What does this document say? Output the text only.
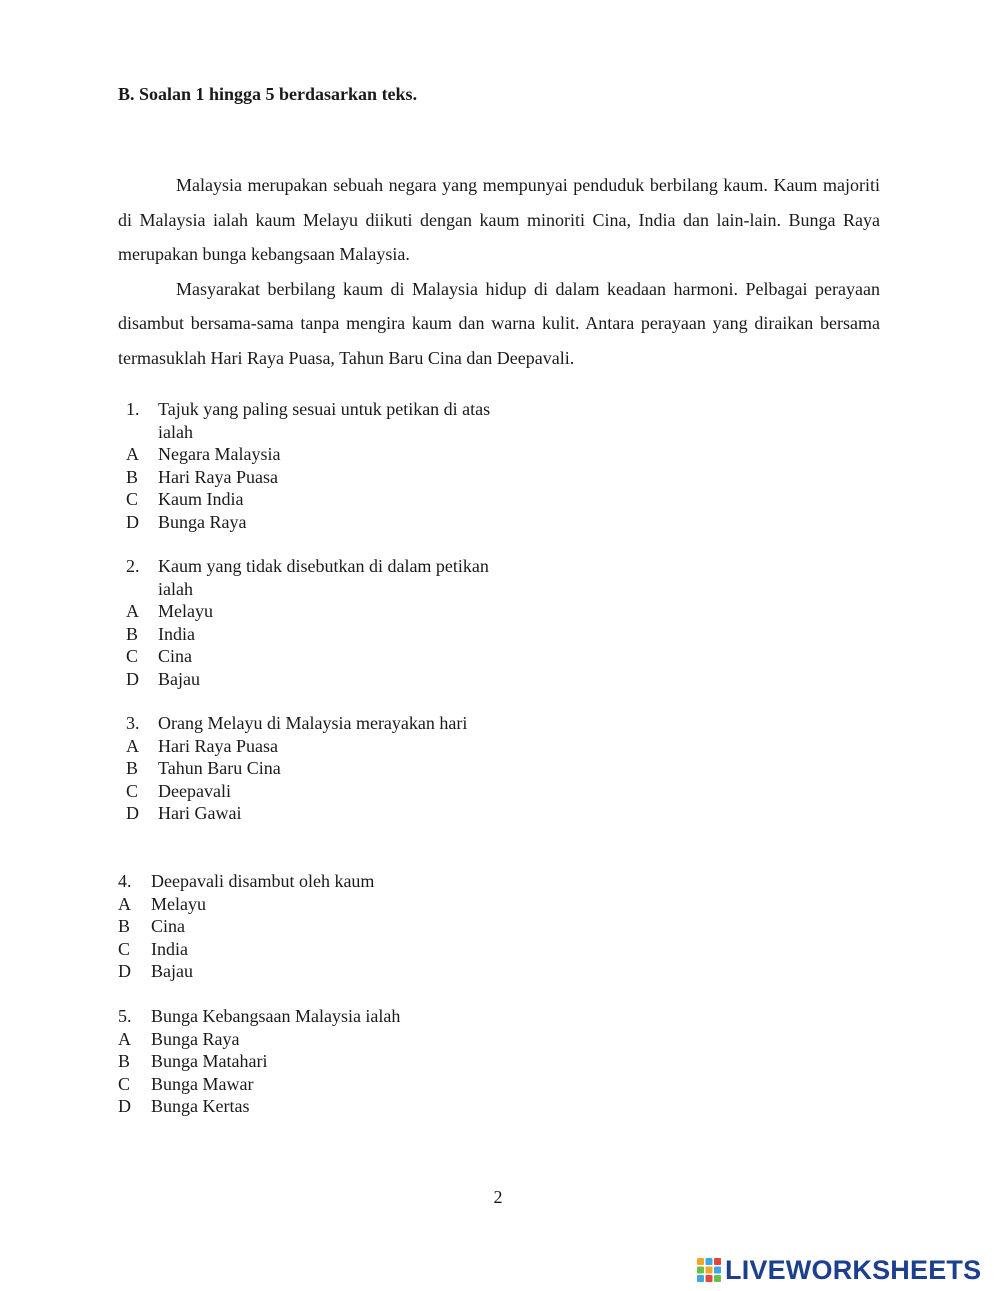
B. Soalan 1 hingga 5 berdasarkan teks.

Malaysia merupakan sebuah negara yang mempunyai penduduk berbilang kaum. Kaum majoriti di Malaysia ialah kaum Melayu diikuti dengan kaum minoriti Cina, India dan lain-lain. Bunga Raya merupakan bunga kebangsaan Malaysia.

Masyarakat berbilang kaum di Malaysia hidup di dalam keadaan harmoni. Pelbagai perayaan disambut bersama-sama tanpa mengira kaum dan warna kulit. Antara perayaan yang diraikan bersama termasuklah Hari Raya Puasa, Tahun Baru Cina dan Deepavali.

1.	Tajuk yang paling sesuai untuk petikan di atas ialah
A	Negara Malaysia
B	Hari Raya Puasa
C	Kaum India
D	Bunga Raya
2.	Kaum yang tidak disebutkan di dalam petikan ialah
A	Melayu
B	India
C	Cina
D	Bajau
3.	Orang Melayu di Malaysia merayakan hari
A	Hari Raya Puasa
B	Tahun Baru Cina
C	Deepavali
D	Hari Gawai
4.	Deepavali disambut oleh kaum
A	Melayu
B	Cina
C	India
D	Bajau
5.	Bunga Kebangsaan Malaysia ialah
A	Bunga Raya
B	Bunga Matahari
C	Bunga Mawar
D	Bunga Kertas
2
LIVEWORKSHEETS
